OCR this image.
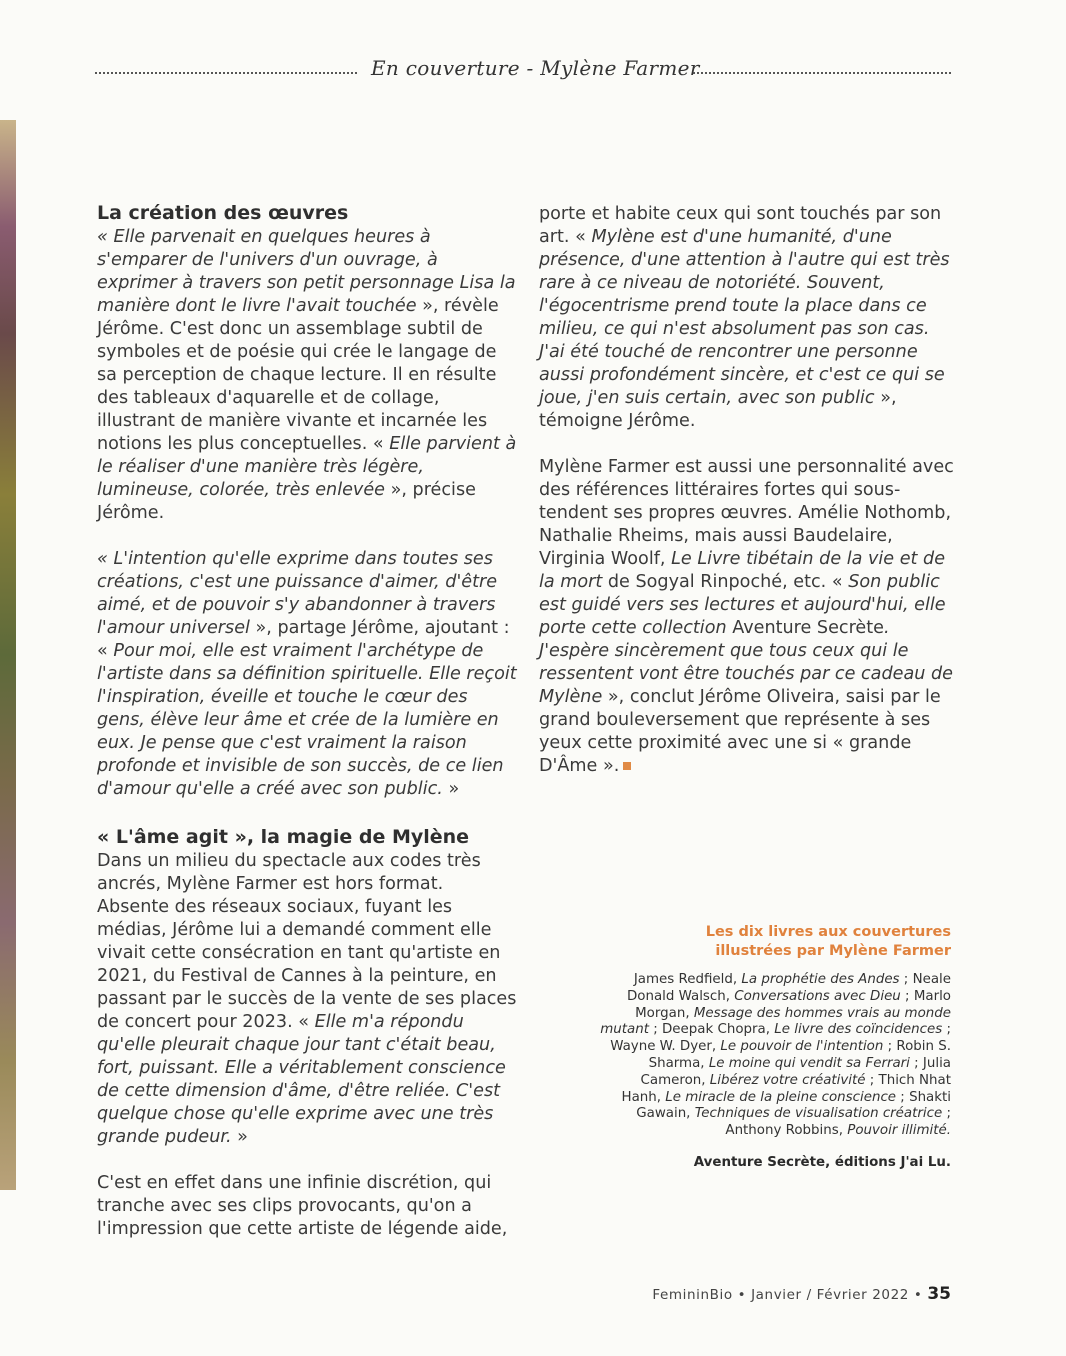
En couverture - Mylène Farmer
La création des œuvres

« Elle parvenait en quelques heures à s'emparer de l'univers d'un ouvrage, à exprimer à travers son petit personnage Lisa la manière dont le livre l'avait touchée », révèle Jérôme. C'est donc un assemblage subtil de symboles et de poésie qui crée le langage de sa perception de chaque lecture. Il en résulte des tableaux d'aquarelle et de collage, illustrant de manière vivante et incarnée les notions les plus conceptuelles. « Elle parvient à le réaliser d'une manière très légère, lumineuse, colorée, très enlevée », précise Jérôme.

« L'intention qu'elle exprime dans toutes ses créations, c'est une puissance d'aimer, d'être aimé, et de pouvoir s'y abandonner à travers l'amour universel », partage Jérôme, ajoutant : « Pour moi, elle est vraiment l'archétype de l'artiste dans sa définition spirituelle. Elle reçoit l'inspiration, éveille et touche le cœur des gens, élève leur âme et crée de la lumière en eux. Je pense que c'est vraiment la raison profonde et invisible de son succès, de ce lien d'amour qu'elle a créé avec son public. »

« L'âme agit », la magie de Mylène

Dans un milieu du spectacle aux codes très ancrés, Mylène Farmer est hors format. Absente des réseaux sociaux, fuyant les médias, Jérôme lui a demandé comment elle vivait cette consécration en tant qu'artiste en 2021, du Festival de Cannes à la peinture, en passant par le succès de la vente de ses places de concert pour 2023. « Elle m'a répondu qu'elle pleurait chaque jour tant c'était beau, fort, puissant. Elle a véritablement conscience de cette dimension d'âme, d'être reliée. C'est quelque chose qu'elle exprime avec une très grande pudeur. »

C'est en effet dans une infinie discrétion, qui tranche avec ses clips provocants, qu'on a l'impression que cette artiste de légende aide,

porte et habite ceux qui sont touchés par son art. « Mylène est d'une humanité, d'une présence, d'une attention à l'autre qui est très rare à ce niveau de notoriété. Souvent, l'égocentrisme prend toute la place dans ce milieu, ce qui n'est absolument pas son cas. J'ai été touché de rencontrer une personne aussi profondément sincère, et c'est ce qui se joue, j'en suis certain, avec son public », témoigne Jérôme.

Mylène Farmer est aussi une personnalité avec des références littéraires fortes qui sous-tendent ses propres œuvres. Amélie Nothomb, Nathalie Rheims, mais aussi Baudelaire, Virginia Woolf, Le Livre tibétain de la vie et de la mort de Sogyal Rinpoché, etc. « Son public est guidé vers ses lectures et aujourd'hui, elle porte cette collection Aventure Secrète. J'espère sincèrement que tous ceux qui le ressentent vont être touchés par ce cadeau de Mylène », conclut Jérôme Oliveira, saisi par le grand bouleversement que représente à ses yeux cette proximité avec une si « grande D'Âme ».

Les dix livres aux couvertures
illustrées par Mylène Farmer
James Redfield, La prophétie des Andes ; Neale Donald Walsch, Conversations avec Dieu ; Marlo Morgan, Message des hommes vrais au monde mutant ; Deepak Chopra, Le livre des coïncidences ; Wayne W. Dyer, Le pouvoir de l'intention ; Robin S. Sharma, Le moine qui vendit sa Ferrari ; Julia Cameron, Libérez votre créativité ; Thich Nhat Hanh, Le miracle de la pleine conscience ; Shakti Gawain, Techniques de visualisation créatrice ; Anthony Robbins, Pouvoir illimité.
Aventure Secrète, éditions J'ai Lu.
FemininBio • Janvier / Février 2022 • 35
